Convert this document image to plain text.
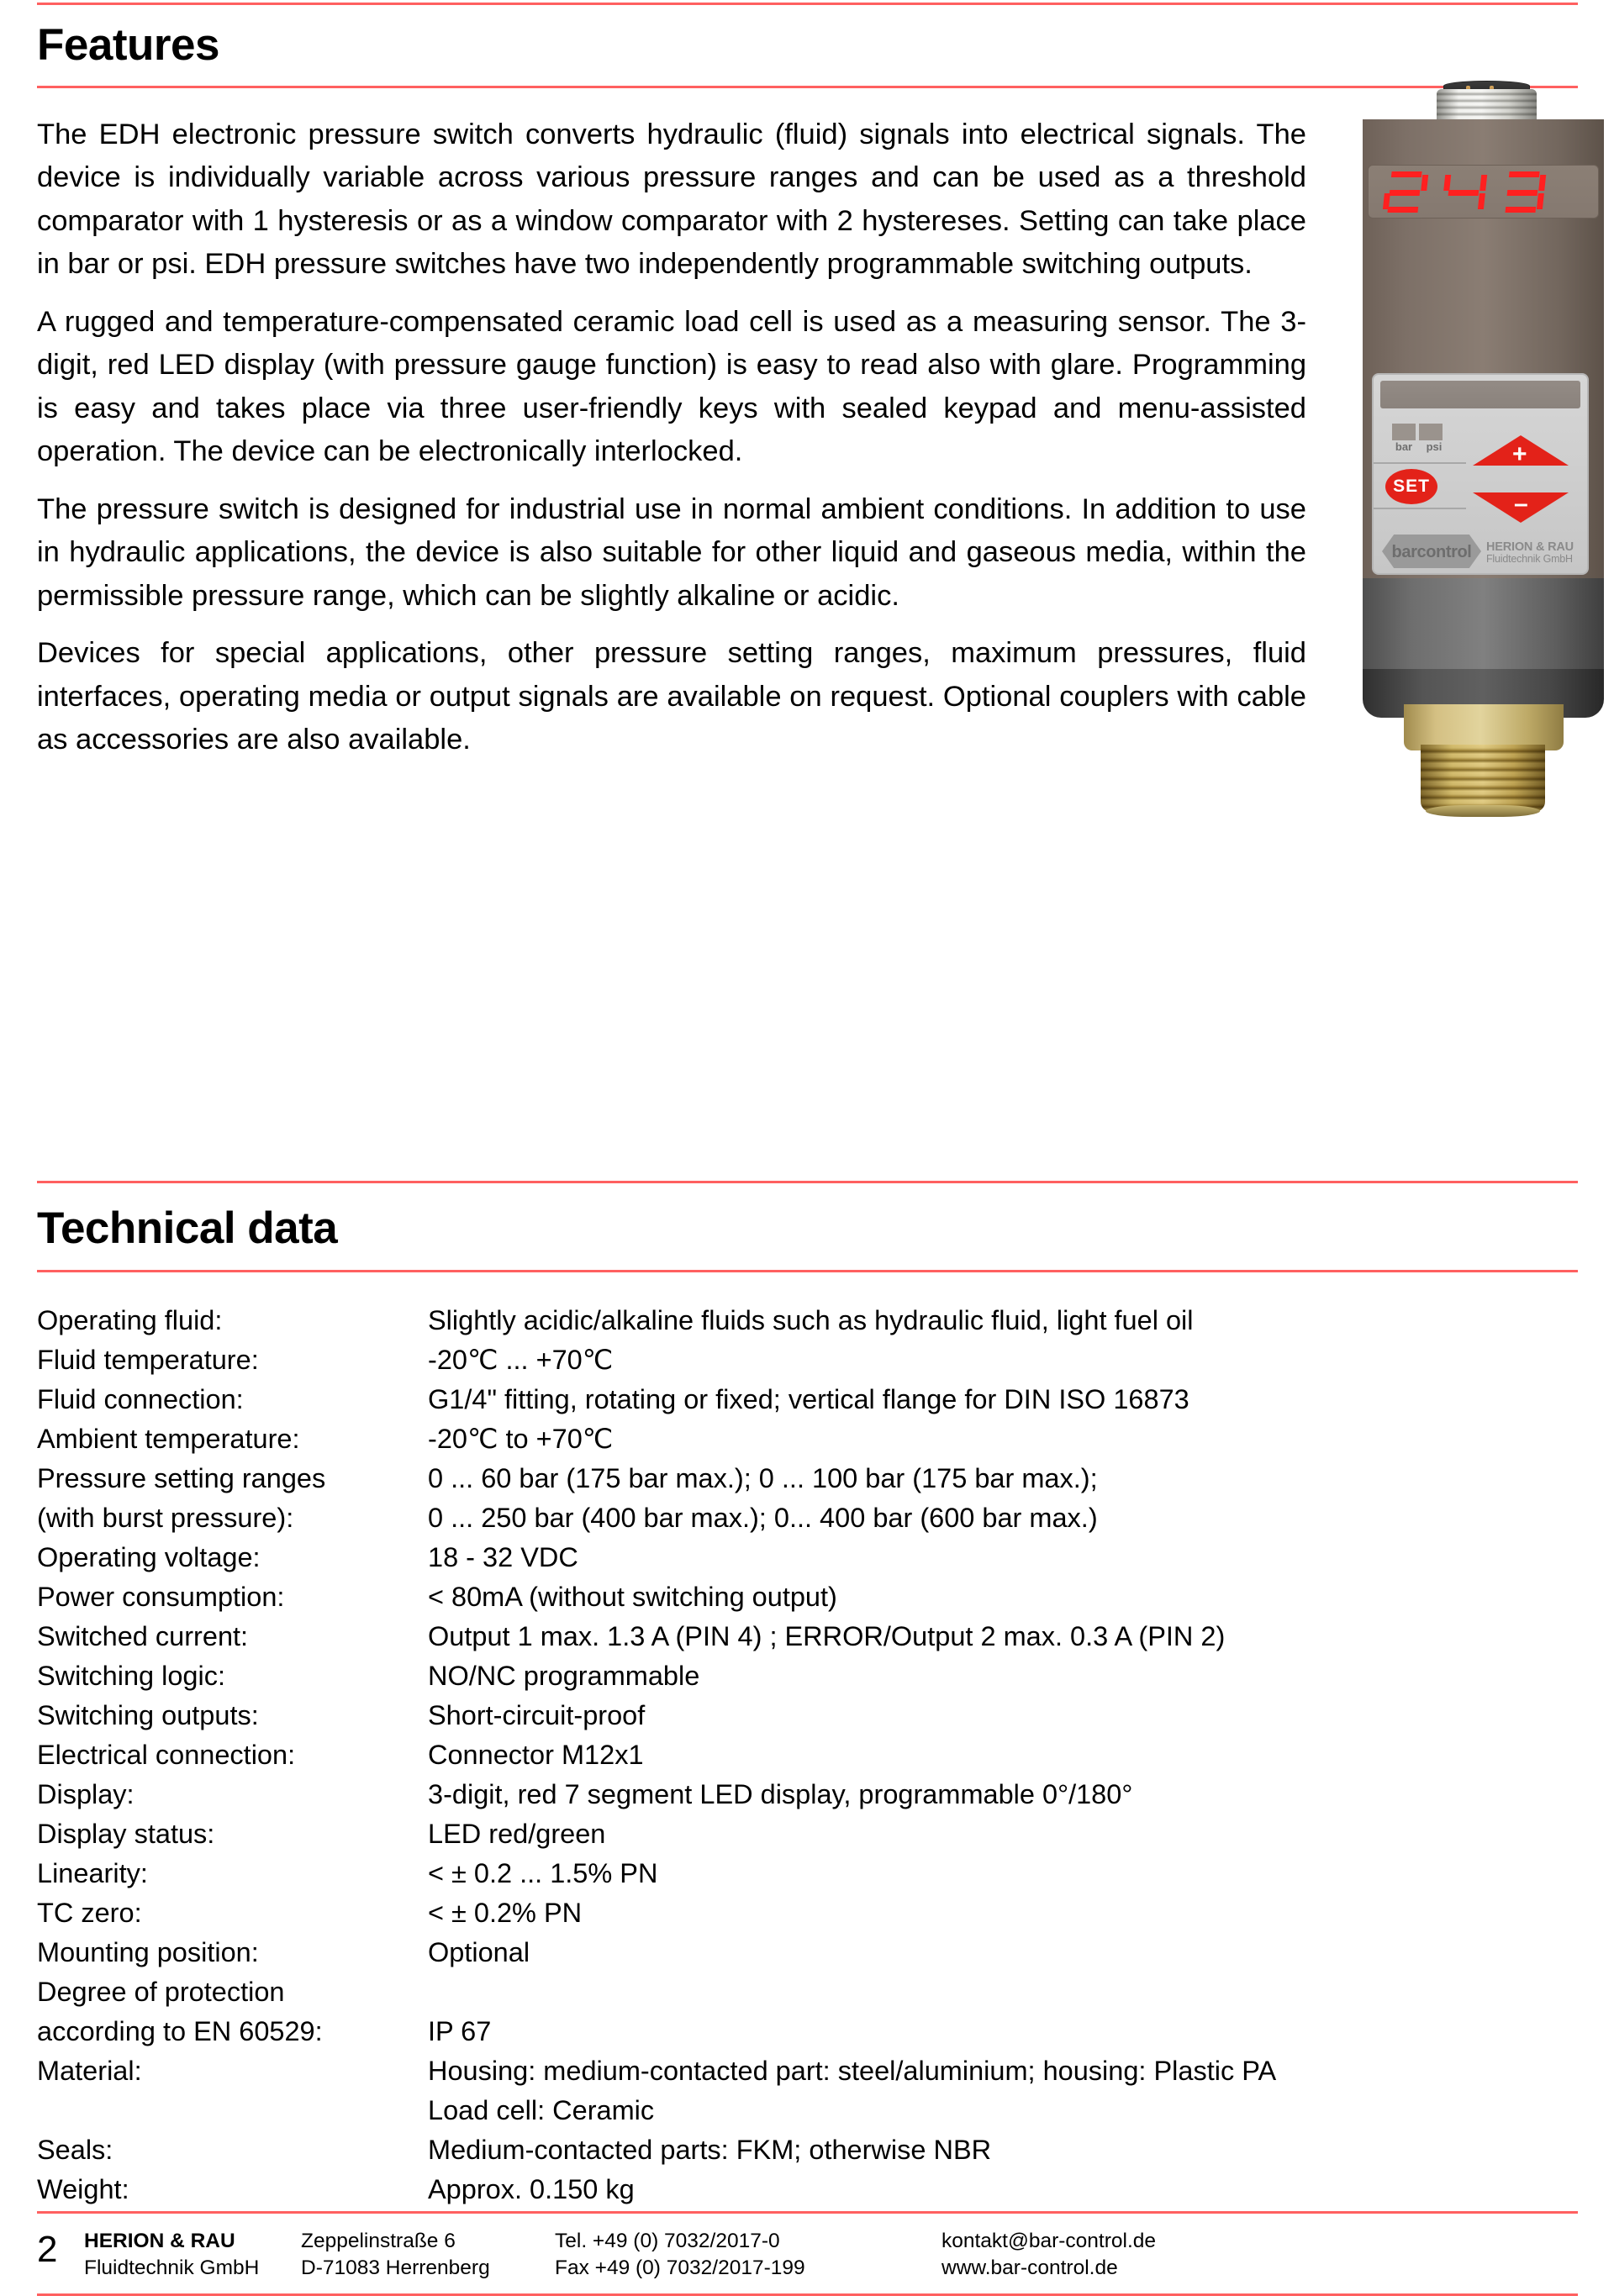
Features

The EDH electronic pressure switch converts hydraulic (fluid) signals into electrical signals. The device is individually variable across various pressure ranges and can be used as a threshold comparator with 1 hysteresis or as a window comparator with 2 hystereses. Setting can take place in bar or psi. EDH pressure switches have two independently programmable switching outputs.

A rugged and temperature-compensated ceramic load cell is used as a measuring sensor. The 3-digit, red LED display (with pressure gauge function) is easy to read also with glare. Programming is easy and takes place via three user-friendly keys with sealed keypad and menu-assisted operation. The device can be electronically interlocked.

The pressure switch is designed for industrial use in normal ambient conditions. In addition to use in hydraulic applications, the device is also suitable for other liquid and gaseous media, within the permissible pressure range, which can be slightly alkaline or acidic.

Devices for special applications, other pressure setting ranges, maximum pressures, fluid interfaces, operating media or output signals are available on request. Optional couplers with cable as accessories are also available.

bar	psi
SET
+
–
barcontrol	HERION & RAU
Fluidtechnik GmbH
Technical data
Operating fluid:	Slightly acidic/alkaline fluids such as hydraulic fluid, light fuel oil
Fluid temperature:	-20℃ ... +70℃
Fluid connection:	G1/4" fitting, rotating or fixed; vertical flange for DIN ISO 16873
Ambient temperature:	-20℃ to +70℃
Pressure setting ranges	0 ... 60 bar (175 bar max.); 0 ... 100 bar (175 bar max.);
(with burst pressure):	0 ... 250 bar (400 bar max.); 0... 400 bar (600 bar max.)
Operating voltage:	18 - 32 VDC
Power consumption:	< 80mA (without switching output)
Switched current:	Output 1 max. 1.3 A (PIN 4) ; ERROR/Output 2 max. 0.3 A (PIN 2)
Switching logic:	NO/NC programmable
Switching outputs:	Short-circuit-proof
Electrical connection:	Connector M12x1
Display:	3-digit, red 7 segment LED display, programmable 0°/180°
Display status:	LED red/green
Linearity:	< ± 0.2 ... 1.5% PN
TC zero:	< ± 0.2% PN
Mounting position:	Optional
Degree of protection	
according to EN 60529:	IP 67
Material:	Housing: medium-contacted part: steel/aluminium; housing: Plastic PA
	Load cell: Ceramic
Seals:	Medium-contacted parts: FKM; otherwise NBR
Weight:	Approx. 0.150 kg
2	HERION & RAU
Fluidtechnik GmbH
Zeppelinstraße 6
D-71083 Herrenberg
Tel. +49 (0) 7032/2017-0
Fax +49 (0) 7032/2017-199
kontakt@bar-control.de
www.bar-control.de
